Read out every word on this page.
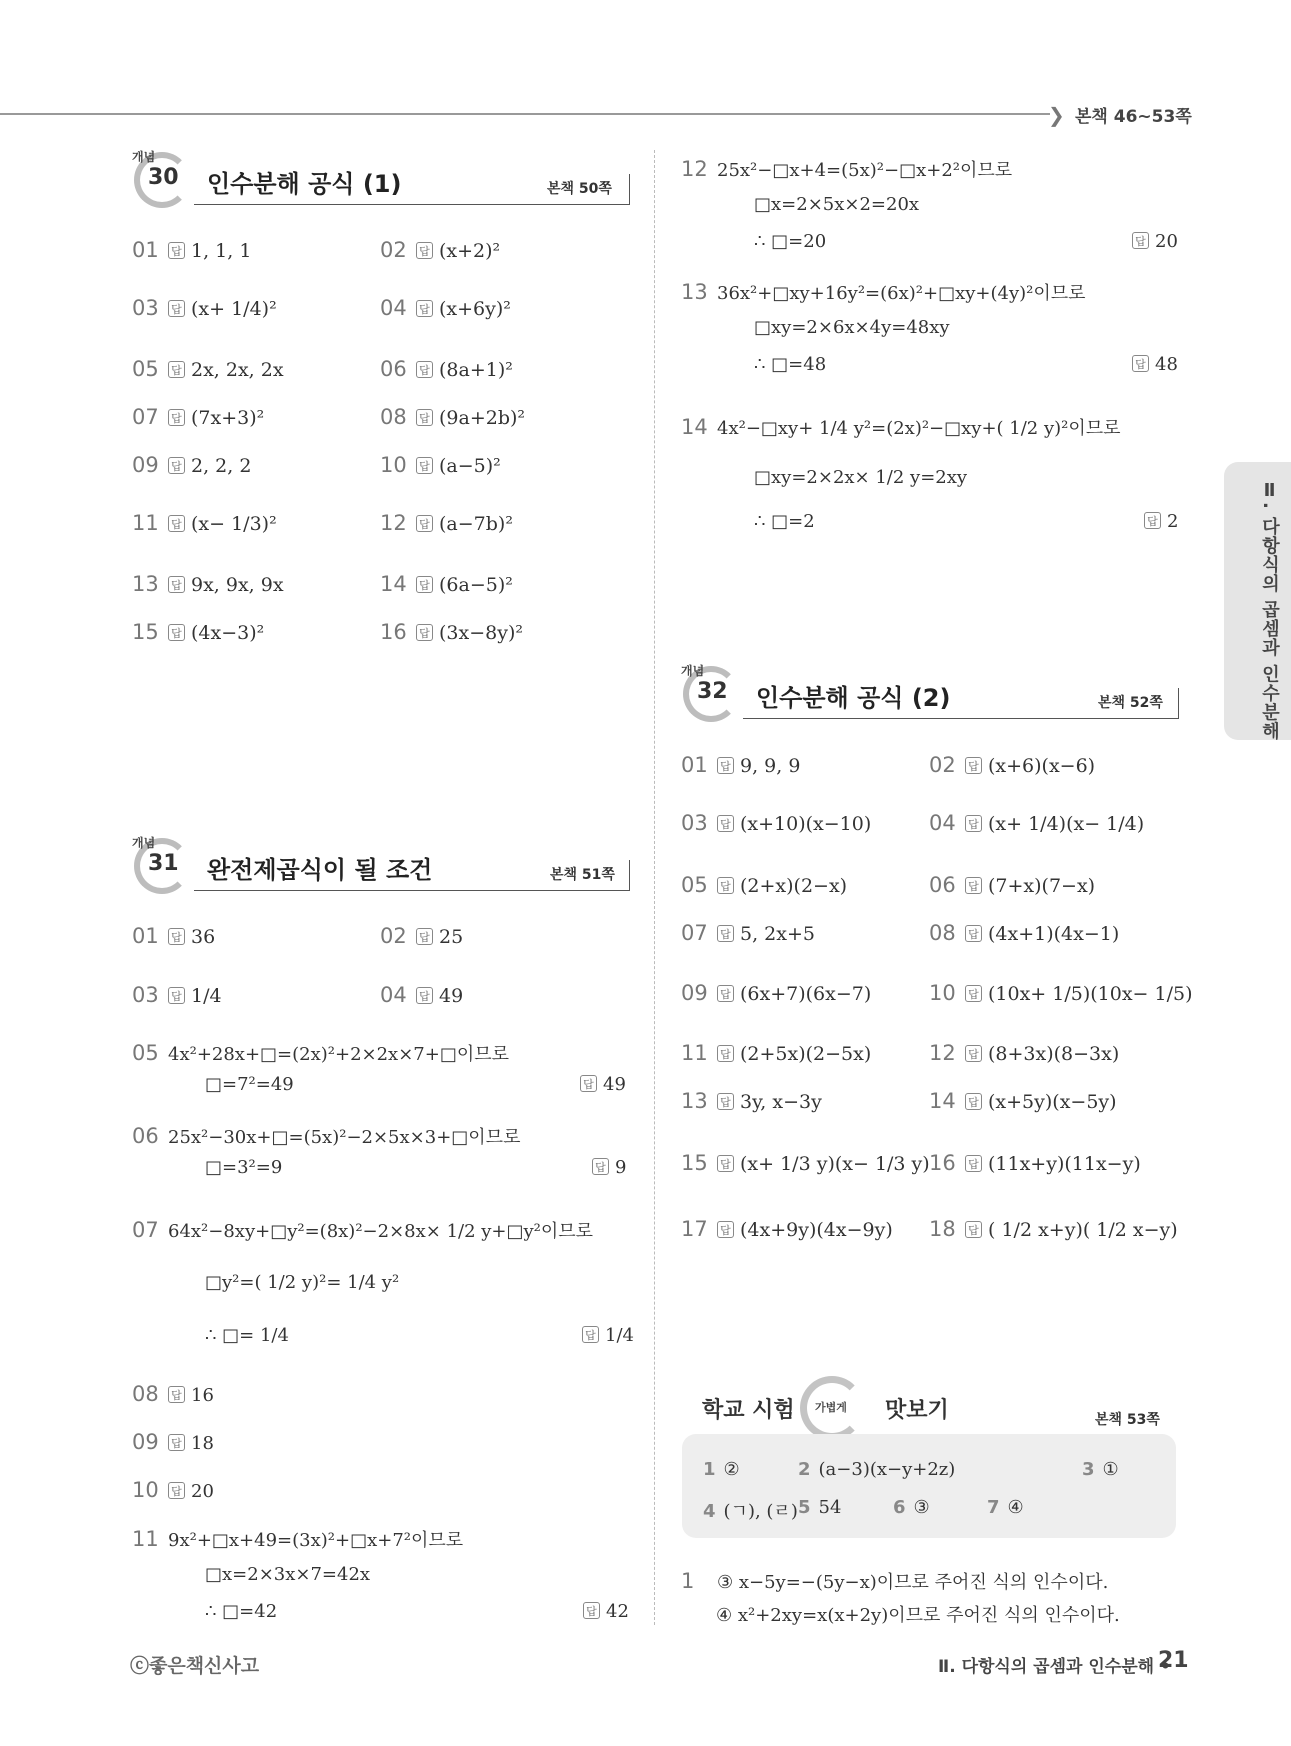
❯ 본책 46~53쪽
개념
30 인수분해 공식 (1)	본책 50쪽
01 답 1, 1, 1	02 답 (x+2)²
03 답 (x+ 1/4)²	04 답 (x+6y)²
05 답 2x, 2x, 2x	06 답 (8a+1)²
07 답 (7x+3)²	08 답 (9a+2b)²
09 답 2, 2, 2	10 답 (a−5)²
11 답 (x− 1/3)²	12 답 (a−7b)²
13 답 9x, 9x, 9x	14 답 (6a−5)²
15 답 (4x−3)²	16 답 (3x−8y)²
개념
31 완전제곱식이 될 조건	본책 51쪽
01 답 36	02 답 25
03 답 1/4	04 답 49
05 4x²+28x+□=(2x)²+2×2x×7+□이므로
□=7²=49	답 49
06 25x²−30x+□=(5x)²−2×5x×3+□이므로
□=3²=9	답 9
07 64x²−8xy+□y²=(8x)²−2×8x× 1/2 y+□y²이므로
□y²=( 1/2 y)²= 1/4 y²
∴ □= 1/4	답 1/4
08 답 16
09 답 18
10 답 20
11 9x²+□x+49=(3x)²+□x+7²이므로
□x=2×3x×7=42x
∴ □=42	답 42
12 25x²−□x+4=(5x)²−□x+2²이므로
□x=2×5x×2=20x
∴ □=20	답 20
13 36x²+□xy+16y²=(6x)²+□xy+(4y)²이므로
□xy=2×6x×4y=48xy
∴ □=48	답 48
14 4x²−□xy+ 1/4 y²=(2x)²−□xy+( 1/2 y)²이므로
□xy=2×2x× 1/2 y=2xy
∴ □=2	답 2
개념
32 인수분해 공식 (2)	본책 52쪽
01 답 9, 9, 9	02 답 (x+6)(x−6)
03 답 (x+10)(x−10)	04 답 (x+ 1/4)(x− 1/4)
05 답 (2+x)(2−x)	06 답 (7+x)(7−x)
07 답 5, 2x+5	08 답 (4x+1)(4x−1)
09 답 (6x+7)(6x−7)	10 답 (10x+ 1/5)(10x− 1/5)
11 답 (2+5x)(2−5x)	12 답 (8+3x)(8−3x)
13 답 3y, x−3y	14 답 (x+5y)(x−5y)
15 답 (x+ 1/3 y)(x− 1/3 y) 16 답 (11x+y)(11x−y)
17 답 (4x+9y)(4x−9y) 18 답 ( 1/2 x+y)( 1/2 x−y)
학교 시험 가볍게 맛보기	본책 53쪽
1 ②	2 (a−3)(x−y+2z)	3 ①
4 (ㄱ), (ㄹ) 5 54	6 ③	7 ④
1 ③ x−5y=−(5y−x)이므로 주어진 식의 인수이다.
④ x²+2xy=x(x+2y)이므로 주어진 식의 인수이다.
Ⅱ. 다항식의 곱셈과 인수분해
ⓒ좋은책신사고	Ⅱ. 다항식의 곱셈과 인수분해 •
21
